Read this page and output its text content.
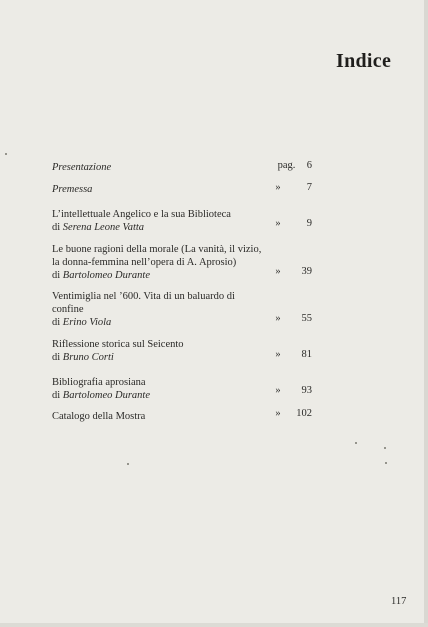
Indice
Presentazione	pag. 6
Premessa	» 7
L’intellettuale Angelico e la sua Biblioteca
di Serena Leone Vatta	» 9
Le buone ragioni della morale (La vanità, il vizio,
la donna-femmina nell’opera di A. Aprosio)
di Bartolomeo Durante	» 39
Ventimiglia nel ’600. Vita di un baluardo di
confine
di Erino Viola	» 55
Riflessione storica sul Seicento
di Bruno Corti	» 81
Bibliografia aprosiana
di Bartolomeo Durante	» 93
Catalogo della Mostra	» 102
117
